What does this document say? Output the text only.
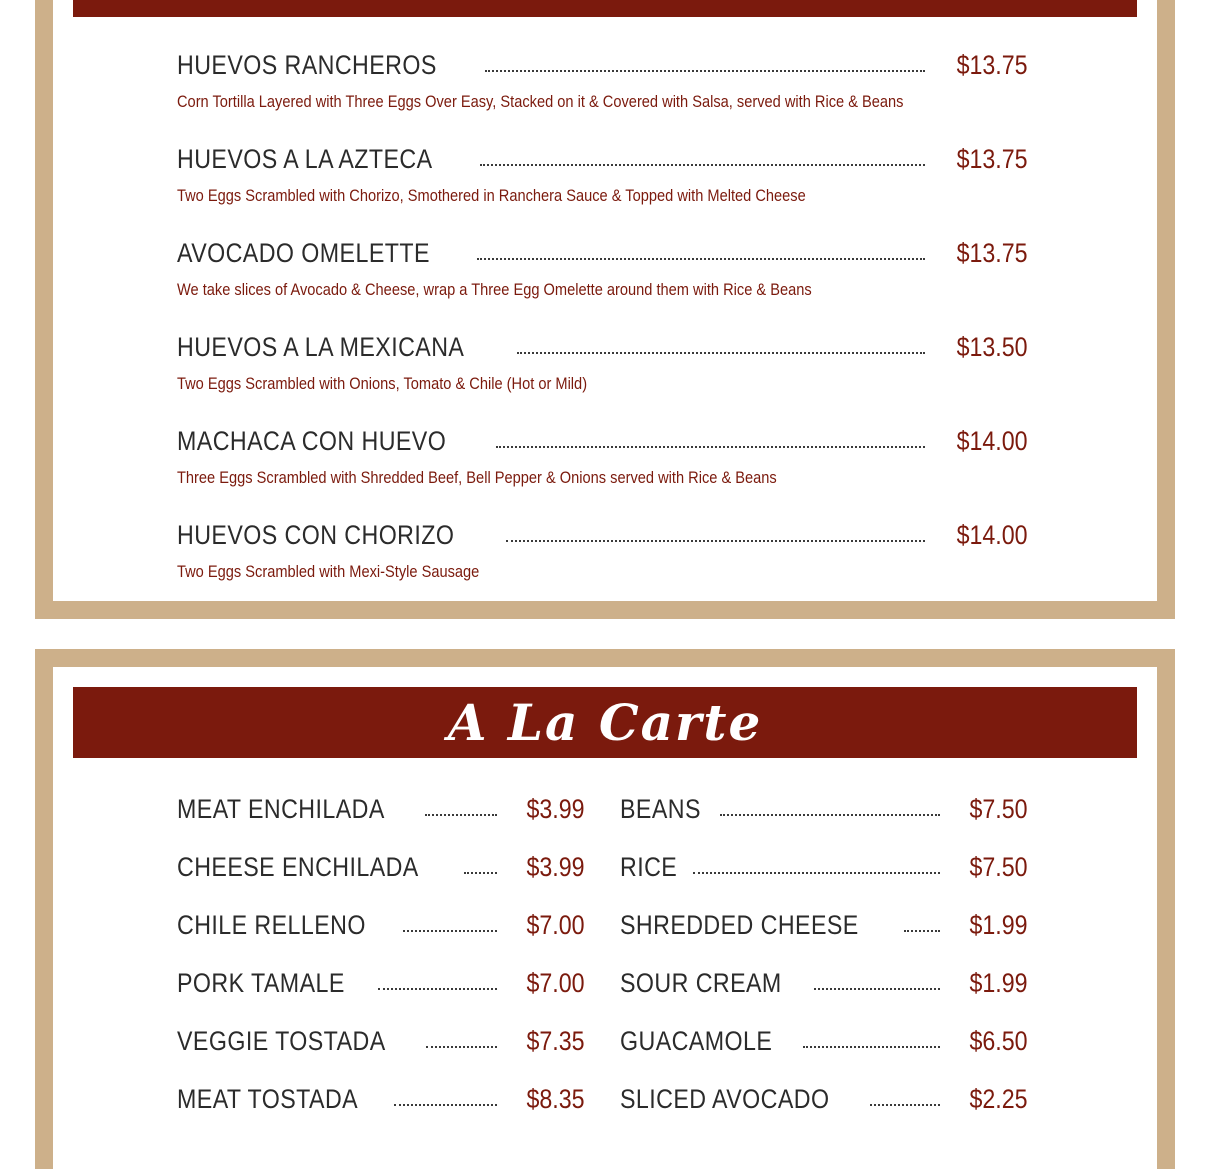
HUEVOS RANCHEROS	$13.75
Corn Tortilla Layered with Three Eggs Over Easy, Stacked on it & Covered with Salsa, served with Rice & Beans
HUEVOS A LA AZTECA	$13.75
Two Eggs Scrambled with Chorizo, Smothered in Ranchera Sauce & Topped with Melted Cheese
AVOCADO OMELETTE	$13.75
We take slices of Avocado & Cheese, wrap a Three Egg Omelette around them with Rice & Beans
HUEVOS A LA MEXICANA	$13.50
Two Eggs Scrambled with Onions, Tomato & Chile (Hot or Mild)
MACHACA CON HUEVO	$14.00
Three Eggs Scrambled with Shredded Beef, Bell Pepper & Onions served with Rice & Beans
HUEVOS CON CHORIZO	$14.00
Two Eggs Scrambled with Mexi-Style Sausage
A La Carte
MEAT ENCHILADA	$3.99
CHEESE ENCHILADA	$3.99
CHILE RELLENO	$7.00
PORK TAMALE	$7.00
VEGGIE TOSTADA	$7.35
MEAT TOSTADA	$8.35
BEANS	$7.50
RICE	$7.50
SHREDDED CHEESE	$1.99
SOUR CREAM	$1.99
GUACAMOLE	$6.50
SLICED AVOCADO	$2.25
